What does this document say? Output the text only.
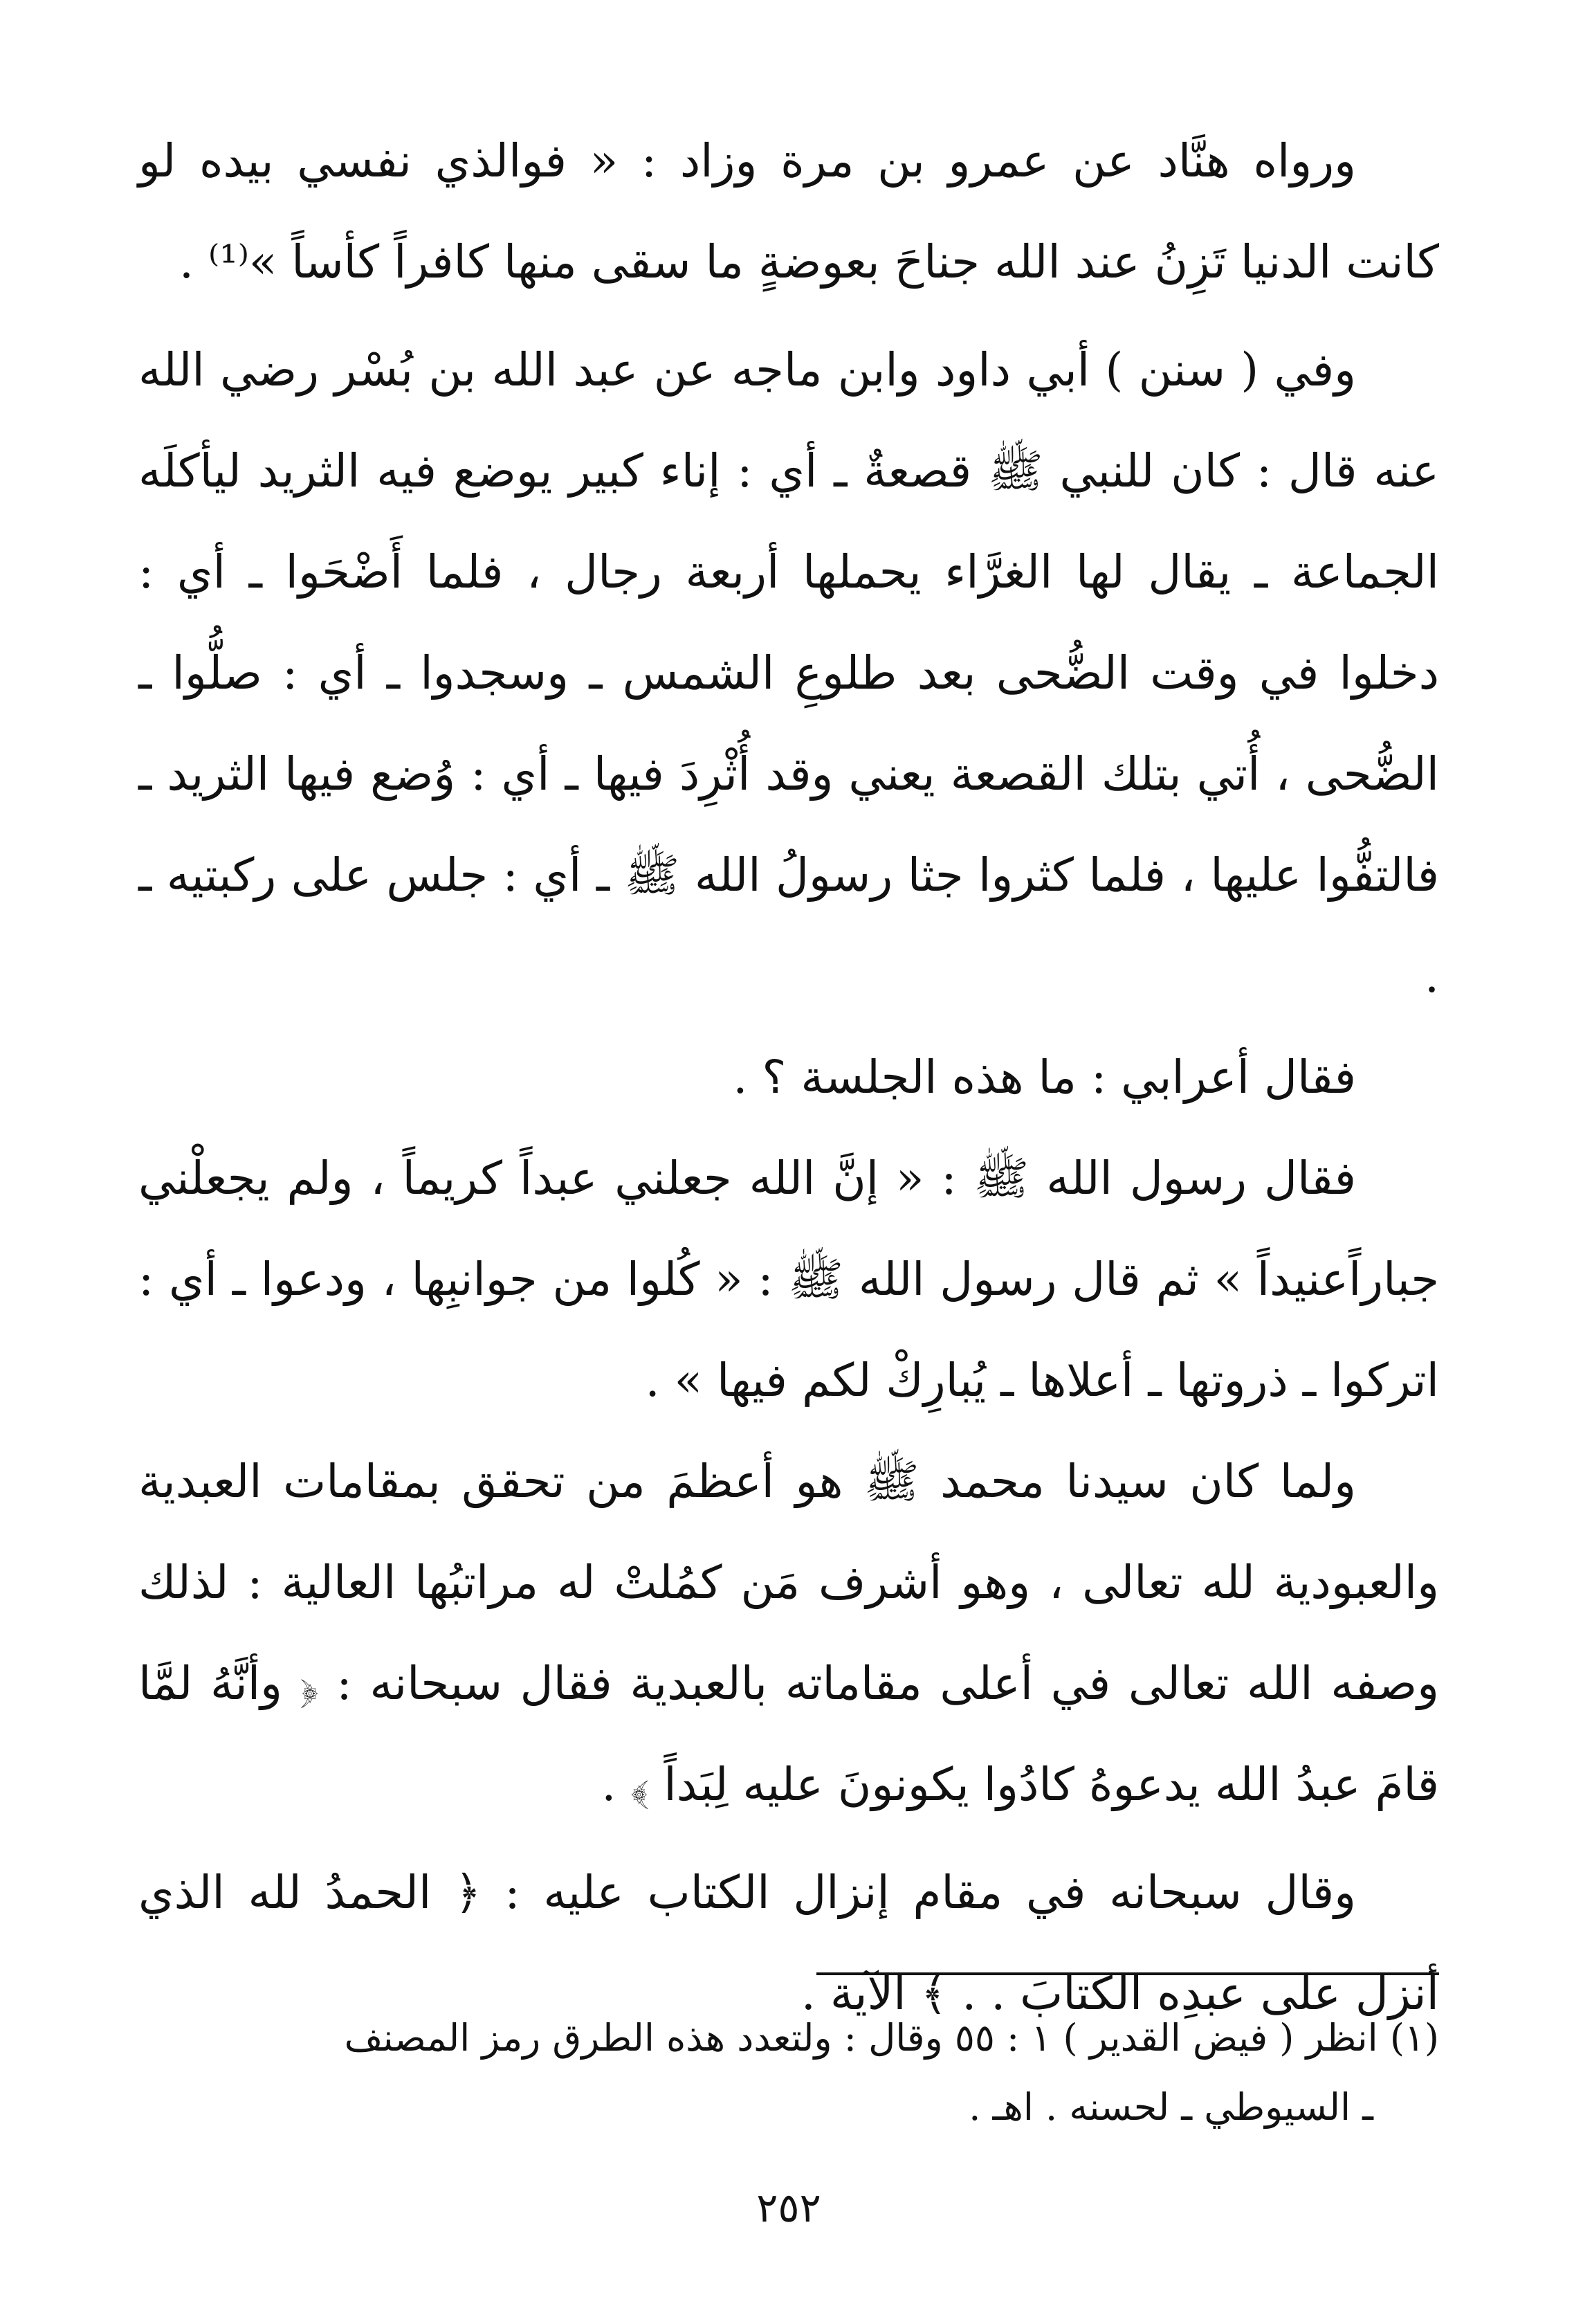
ورواه هنَّاد عن عمرو بن مرة وزاد : « فوالذي نفسي بيده لو كانت الدنيا تَزِنُ عند الله جناحَ بعوضةٍ ما سقى منها كافراً كأساً »⁽¹⁾ .

وفي ( سنن ) أبي داود وابن ماجه عن عبد الله بن بُسْر رضي الله عنه قال : كان للنبي ﷺ قصعةٌ ـ أي : إناء كبير يوضع فيه الثريد ليأكلَه الجماعة ـ يقال لها الغرَّاء يحملها أربعة رجال ، فلما أَضْحَوا ـ أي : دخلوا في وقت الضُّحى بعد طلوعِ الشمس ـ وسجدوا ـ أي : صلُّوا ـ الضُّحى ، أُتي بتلك القصعة يعني وقد أُثْرِدَ فيها ـ أي : وُضع فيها الثريد ـ فالتفُّوا عليها ، فلما كثروا جثا رسولُ الله ﷺ ـ أي : جلس على ركبتيه ـ .

فقال أعرابي : ما هذه الجلسة ؟ .

فقال رسول الله ﷺ : « إنَّ الله جعلني عبداً كريماً ، ولم يجعلْني جباراًعنيداً » ثم قال رسول الله ﷺ : « كُلوا من جوانبِها ، ودعوا ـ أي : اتركوا ـ ذروتها ـ أعلاها ـ يُبارِكْ لكم فيها » .

ولما كان سيدنا محمد ﷺ هو أعظمَ من تحقق بمقامات العبدية والعبودية لله تعالى ، وهو أشرف مَن كمُلتْ له مراتبُها العالية : لذلك وصفه الله تعالى في أعلى مقاماته بالعبدية فقال سبحانه : ﴿ وأنَّهُ لمَّا قامَ عبدُ الله يدعوهُ كادُوا يكونونَ عليه لِبَداً ﴾ .

وقال سبحانه في مقام إنزال الكتاب عليه : ﴿ الحمدُ لله الذي أنزل على عبدِه الكتابَ . . ﴾ الآية .

(١) انظر ( فيض القدير ) ١ : ٥٥ وقال : ولتعدد هذه الطرق رمز المصنف

ـ السيوطي ـ لحسنه . اهـ .

٢٥٢
